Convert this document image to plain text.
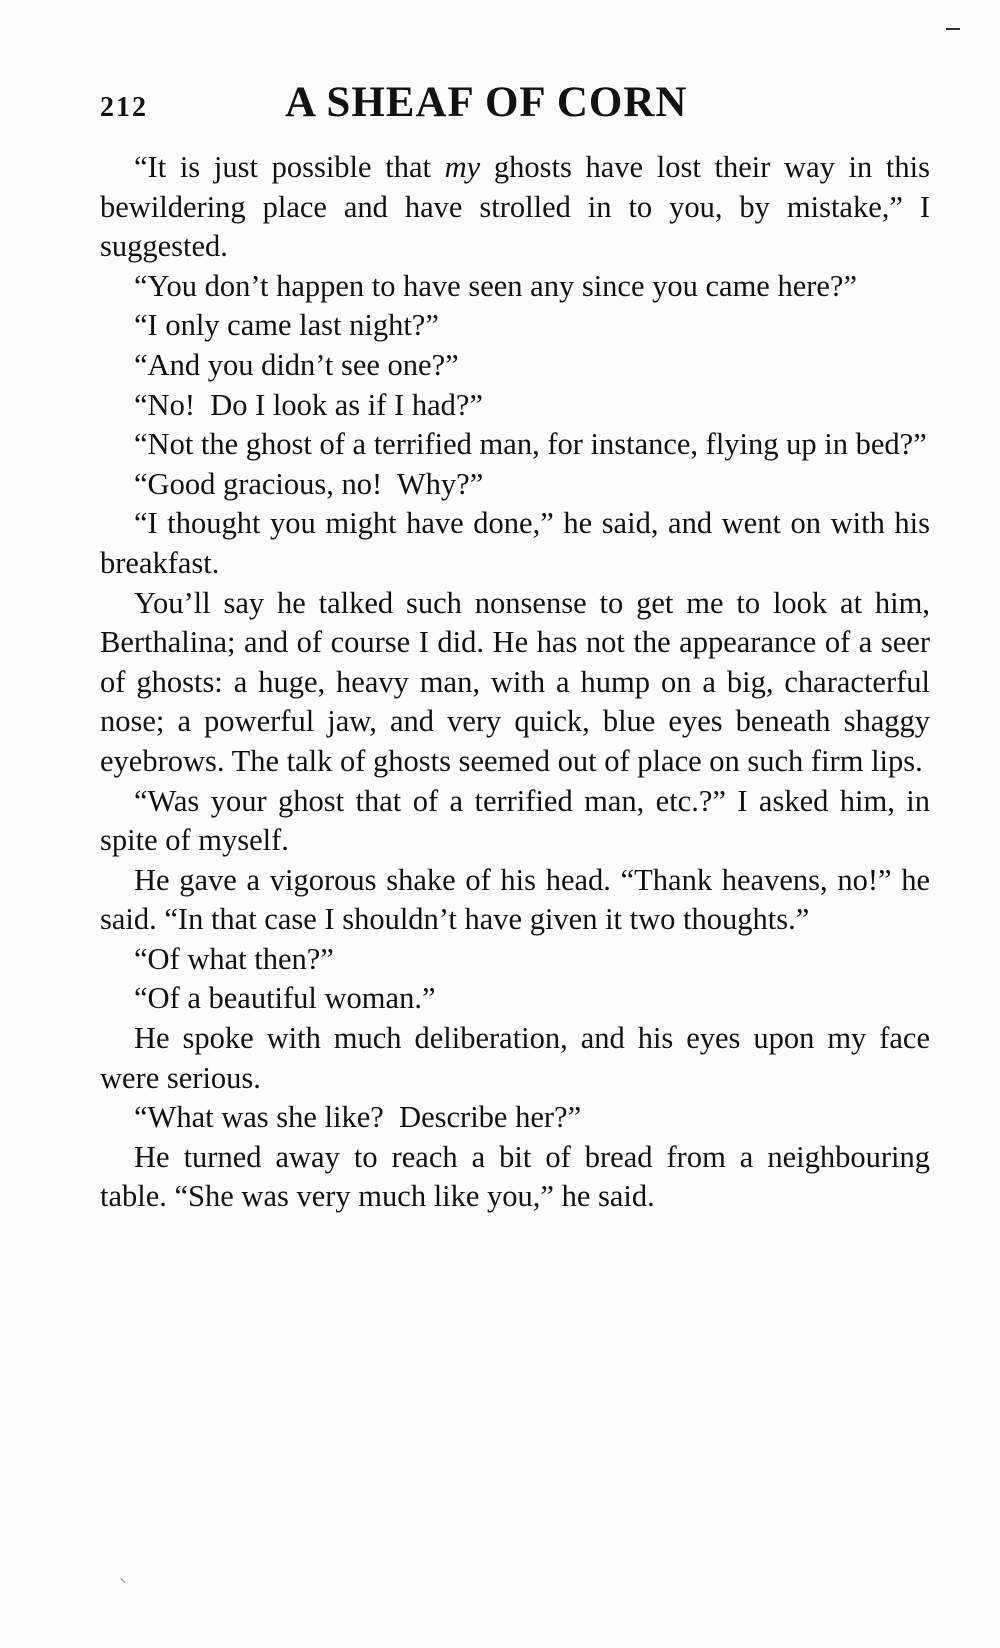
212	A SHEAF OF CORN

“It is just possible that my ghosts have lost their way in this bewildering place and have strolled in to you, by mistake,” I suggested.

“You don’t happen to have seen any since you came here?”

“I only came last night?”

“And you didn’t see one?”

“No!  Do I look as if I had?”

“Not the ghost of a terrified man, for instance, flying up in bed?”

“Good gracious, no!  Why?”

“I thought you might have done,” he said, and went on with his breakfast.

You’ll say he talked such nonsense to get me to look at him, Berthalina; and of course I did. He has not the appearance of a seer of ghosts: a huge, heavy man, with a hump on a big, characterful nose; a powerful jaw, and very quick, blue eyes beneath shaggy eyebrows. The talk of ghosts seemed out of place on such firm lips.

“Was your ghost that of a terrified man, etc.?” I asked him, in spite of myself.

He gave a vigorous shake of his head. “Thank heavens, no!” he said. “In that case I shouldn’t have given it two thoughts.”

“Of what then?”

“Of a beautiful woman.”

He spoke with much deliberation, and his eyes upon my face were serious.

“What was she like?  Describe her?”

He turned away to reach a bit of bread from a neighbouring table. “She was very much like you,” he said.
